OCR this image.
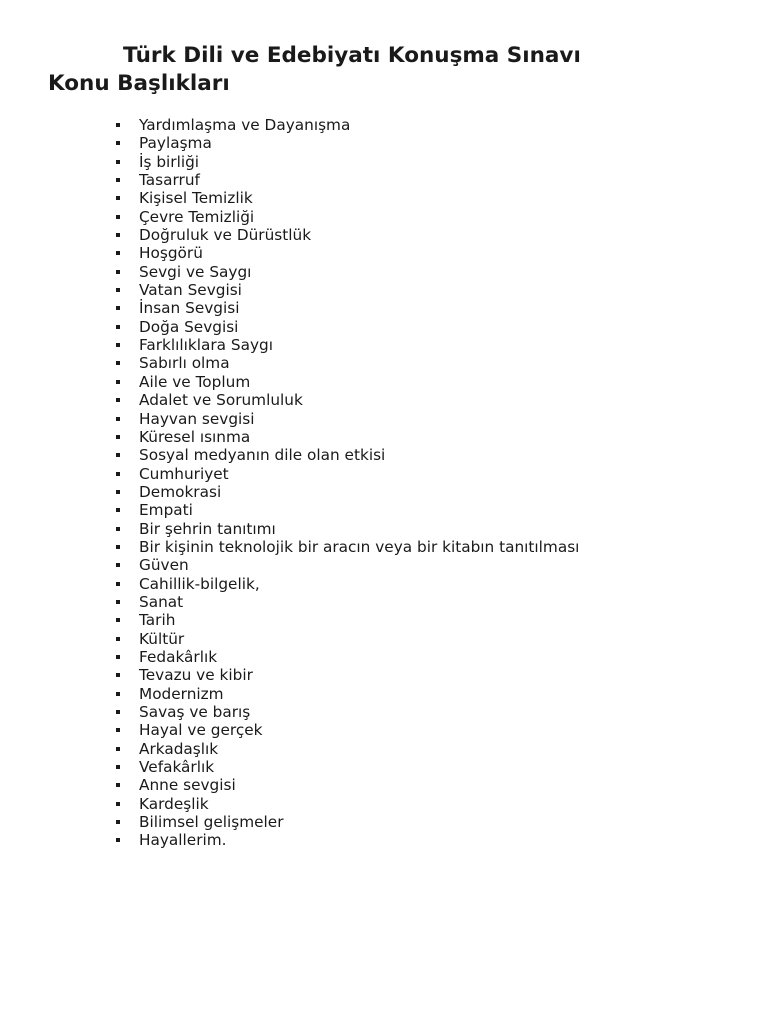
Türk Dili ve Edebiyatı Konuşma Sınavı
Konu Başlıkları
Yardımlaşma ve Dayanışma
Paylaşma
İş birliği
Tasarruf
Kişisel Temizlik
Çevre Temizliği
Doğruluk ve Dürüstlük
Hoşgörü
Sevgi ve Saygı
Vatan Sevgisi
İnsan Sevgisi
Doğa Sevgisi
Farklılıklara Saygı
Sabırlı olma
Aile ve Toplum
Adalet ve Sorumluluk
Hayvan sevgisi
Küresel ısınma
Sosyal medyanın dile olan etkisi
Cumhuriyet
Demokrasi
Empati
Bir şehrin tanıtımı
Bir kişinin teknolojik bir aracın veya bir kitabın tanıtılması
Güven
Cahillik-bilgelik,
Sanat
Tarih
Kültür
Fedakârlık
Tevazu ve kibir
Modernizm
Savaş ve barış
Hayal ve gerçek
Arkadaşlık
Vefakârlık
Anne sevgisi
Kardeşlik
Bilimsel gelişmeler
Hayallerim.
